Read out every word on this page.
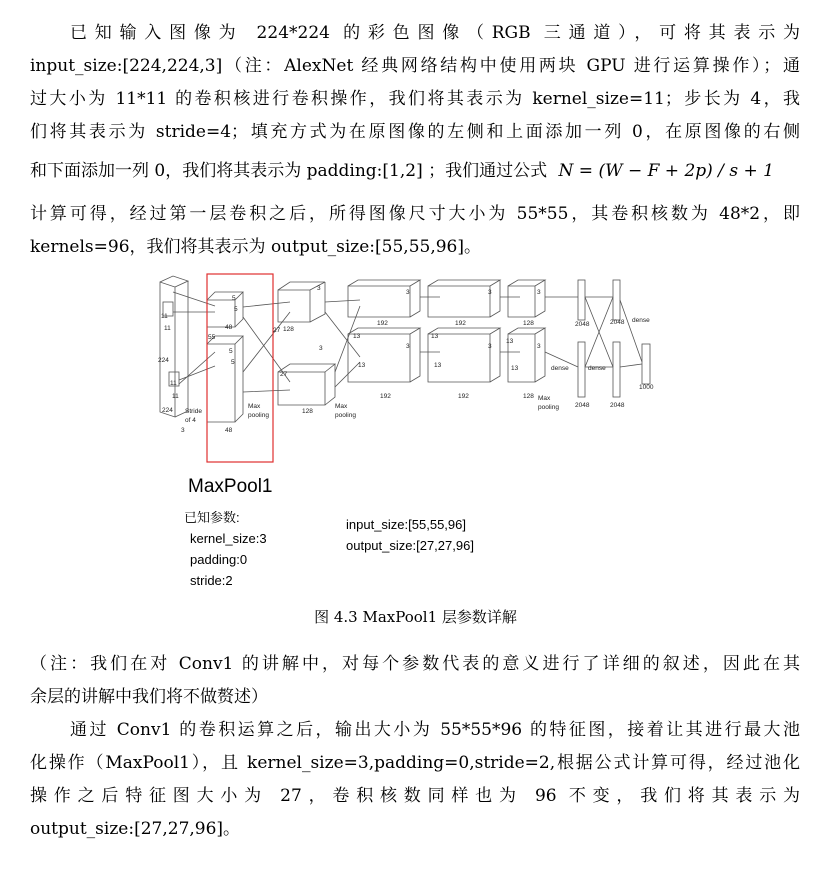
已知输入图像为 224*224 的彩色图像（RGB 三通道），可将其表示为
input_size:[224,224,3]（注：AlexNet 经典网络结构中使用两块 GPU 进行运算操作）；通
过大小为 11*11 的卷积核进行卷积操作，我们将其表示为 kernel_size=11；步长为 4，我
们将其表示为 stride=4；填充方式为在原图像的左侧和上面添加一列 0，在原图像的右侧
和下面添加一列 0，我们将其表示为 padding:[1,2] ；我们通过公式 N = (W − F + 2p) / s + 1
计算可得，经过第一层卷积之后，所得图像尺寸大小为 55*55，其卷积核数为 48*2，即
kernels=96，我们将其表示为 output_size:[55,55,96]。
11
11
224
224
11
11
Stride
of 4
3
5
5
55
48
48
5
5
Max
pooling
3
3
27
27
128
128
Max
pooling
3
3
13
13
192
192
3
3
13
13
192
192
3
3
13
13
128
128 Max
pooling
2048	2048
2048	2048
dense	dense
dense
1000
MaxPool1
已知参数:
kernel_size:3
padding:0
stride:2
input_size:[55,55,96]
output_size:[27,27,96]
图 4.3 MaxPool1 层参数详解
（注：我们在对 Conv1 的讲解中，对每个参数代表的意义进行了详细的叙述，因此在其
余层的讲解中我们将不做赘述）
通过 Conv1 的卷积运算之后，输出大小为 55*55*96 的特征图，接着让其进行最大池
化操作（MaxPool1），且 kernel_size=3,padding=0,stride=2,根据公式计算可得，经过池化
操作之后特征图大小为 27，卷积核数同样也为 96 不变，我们将其表示为
output_size:[27,27,96]。
